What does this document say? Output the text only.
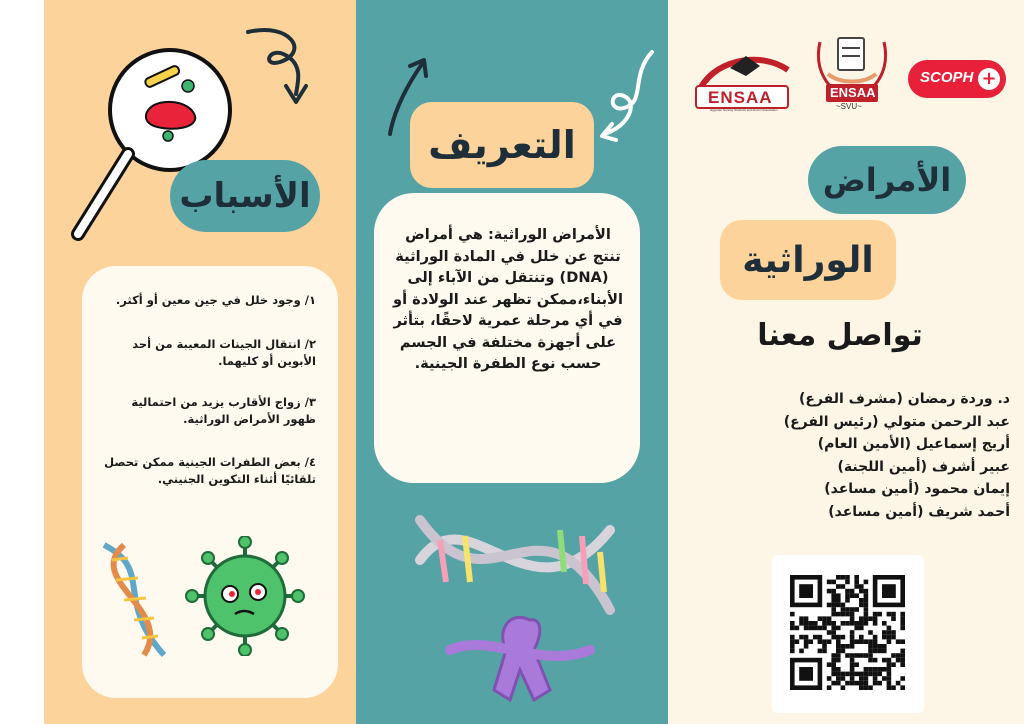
الأسباب
١/ وجود خلل في جين معين أو أكثر.
٢/ انتقال الجينات المعيبة من أحد الأبوين أو كليهما.
٣/ زواج الأقارب يزيد من احتمالية ظهور الأمراض الوراثية.
٤/ بعض الطفرات الجينية ممكن تحصل تلقائيًا أثناء التكوين الجنيني.
التعريف
الأمراض الوراثية: هي أمراض تنتج عن خلل في المادة الوراثية (DNA) وتنتقل من الآباء إلى الأبناء،ممكن تظهر عند الولادة أو في أي مرحلة عمرية لاحقًا، بتأثر على أجهزة مختلفة في الجسم حسب نوع الطفرة الجينية.
ENSAA
Egyptian Nursing Students and Alumni Association
ENSAA
~SVU~
SCOPH +
الأمراض
الوراثية
تواصل معنا
د. وردة رمضان (مشرف الفرع)
عبد الرحمن متولي (رئيس الفرع)
أريج إسماعيل (الأمين العام)
عبير أشرف (أمين اللجنة)
إيمان محمود (أمين مساعد)
أحمد شريف (أمين مساعد)
